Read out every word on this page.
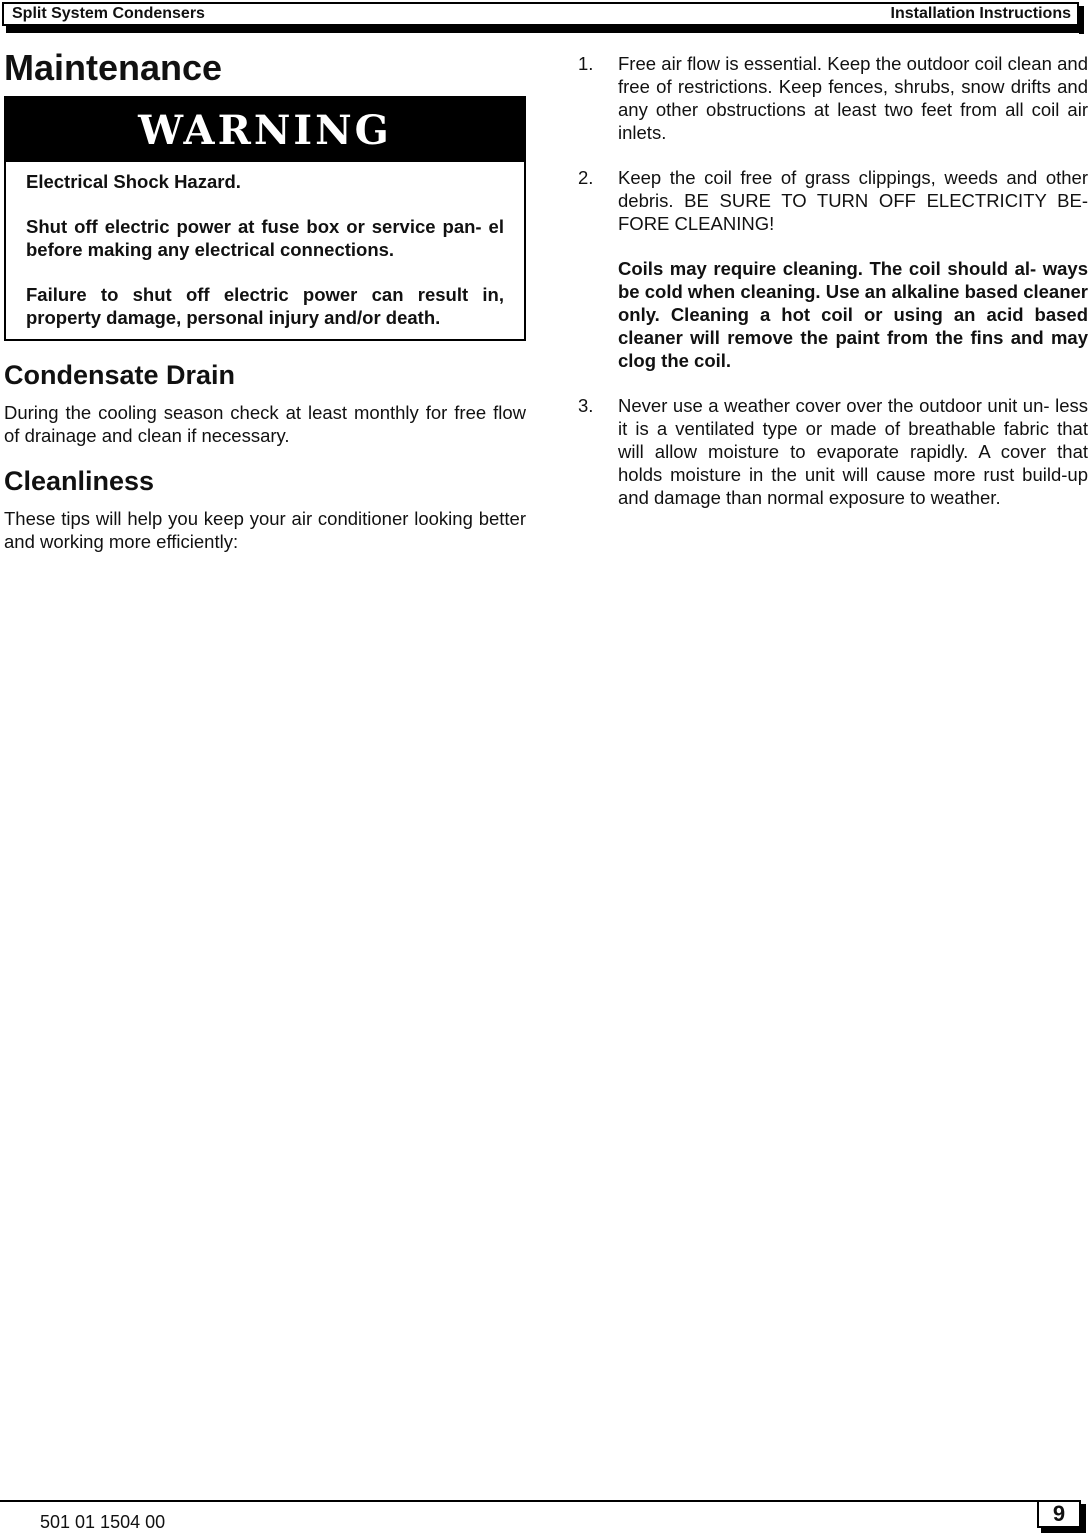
Split System Condensers	Installation Instructions
Maintenance
WARNING

Electrical Shock Hazard.

Shut off electric power at fuse box or service pan- el before making any electrical connections.

Failure to shut off electric power can result in, property damage, personal injury and/or death.

Condensate Drain

During the cooling season check at least monthly for free flow of drainage and clean if necessary.

Cleanliness

These tips will help you keep your air conditioner looking better and working more efficiently:

1.	Free air flow is essential. Keep the outdoor coil clean and free of restrictions. Keep fences, shrubs, snow drifts and any other obstructions at least two feet from all coil air inlets.
2.	Keep the coil free of grass clippings, weeds and other debris. BE SURE TO TURN OFF ELECTRICITY BE- FORE CLEANING!
Coils may require cleaning. The coil should al- ways be cold when cleaning. Use an alkaline based cleaner only. Cleaning a hot coil or using an acid based cleaner will remove the paint from the fins and may clog the coil.
3.	Never use a weather cover over the outdoor unit un- less it is a ventilated type or made of breathable fabric that will allow moisture to evaporate rapidly. A cover that holds moisture in the unit will cause more rust build-up and damage than normal exposure to weather.
501 01 1504 00	9
